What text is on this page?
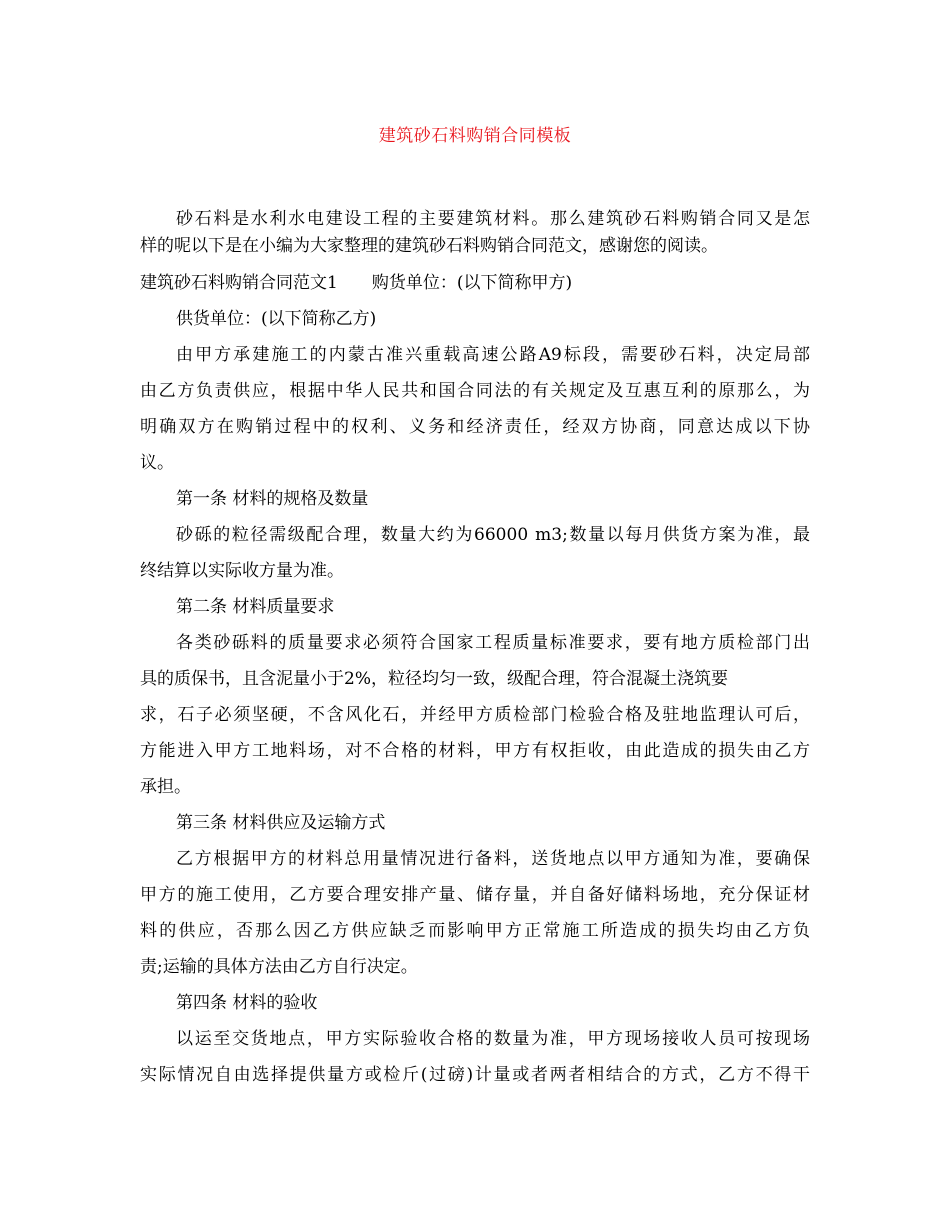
建筑砂石料购销合同模板
砂石料是水利水电建设工程的主要建筑材料。那么建筑砂石料购销合同又是怎
样的呢以下是在小编为大家整理的建筑砂石料购销合同范文，感谢您的阅读。
建筑砂石料购销合同范文1　　购货单位：(以下简称甲方)
供货单位：(以下简称乙方)
由甲方承建施工的内蒙古准兴重载高速公路A9标段，需要砂石料，决定局部
由乙方负责供应，根据中华人民共和国合同法的有关规定及互惠互利的原那么，为
明确双方在购销过程中的权利、义务和经济责任，经双方协商，同意达成以下协
议。
第一条 材料的规格及数量
砂砾的粒径需级配合理，数量大约为66000 m3;数量以每月供货方案为准，最
终结算以实际收方量为准。
第二条 材料质量要求
各类砂砾料的质量要求必须符合国家工程质量标准要求，要有地方质检部门出
具的质保书，且含泥量小于2%，粒径均匀一致，级配合理，符合混凝土浇筑要
求，石子必须坚硬，不含风化石，并经甲方质检部门检验合格及驻地监理认可后，
方能进入甲方工地料场，对不合格的材料，甲方有权拒收，由此造成的损失由乙方
承担。
第三条 材料供应及运输方式
乙方根据甲方的材料总用量情况进行备料，送货地点以甲方通知为准，要确保
甲方的施工使用，乙方要合理安排产量、储存量，并自备好储料场地，充分保证材
料的供应，否那么因乙方供应缺乏而影响甲方正常施工所造成的损失均由乙方负
责;运输的具体方法由乙方自行决定。
第四条 材料的验收
以运至交货地点，甲方实际验收合格的数量为准，甲方现场接收人员可按现场
实际情况自由选择提供量方或检斤(过磅)计量或者两者相结合的方式，乙方不得干
